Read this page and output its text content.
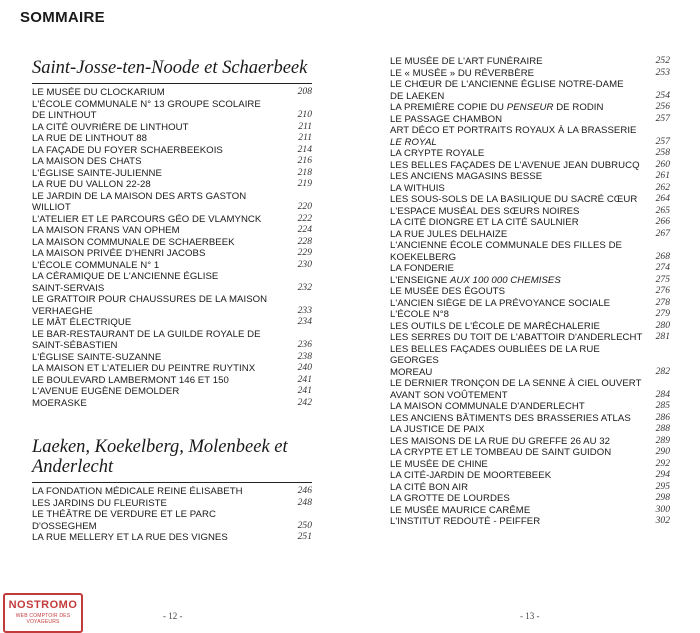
SOMMAIRE
Saint-Josse-ten-Noode et Schaerbeek
LE MUSÉE DU CLOCKARIUM	208
L'ÉCOLE COMMUNALE N° 13 GROUPE SCOLAIRE
DE LINTHOUT	210
LA CITÉ OUVRIÈRE DE LINTHOUT	211
LA RUE DE LINTHOUT 88	211
LA FAÇADE DU FOYER SCHAERBEEKOIS	214
LA MAISON DES CHATS	216
L'ÉGLISE SAINTE-JULIENNE	218
LA RUE DU VALLON 22-28	219
LE JARDIN DE LA MAISON DES ARTS GASTON
WILLIOT	220
L'ATELIER ET LE PARCOURS GÉO DE VLAMYNCK	222
LA MAISON FRANS VAN OPHEM	224
LA MAISON COMMUNALE DE SCHAERBEEK	228
LA MAISON PRIVÉE D'HENRI JACOBS	229
L'ÉCOLE COMMUNALE N° 1	230
LA CÉRAMIQUE DE L'ANCIENNE ÉGLISE
SAINT-SERVAIS	232
LE GRATTOIR POUR CHAUSSURES DE LA MAISON
VERHAEGHE	233
LE MÂT ÉLECTRIQUE	234
LE BAR-RESTAURANT DE LA GUILDE ROYALE DE
SAINT-SÉBASTIEN	236
L'ÉGLISE SAINTE-SUZANNE	238
LA MAISON ET L'ATELIER DU PEINTRE RUYTINX	240
LE BOULEVARD LAMBERMONT 146 ET 150	241
L'AVENUE EUGÈNE DEMOLDER	241
MOERASKE	242
Laeken, Koekelberg, Molenbeek et Anderlecht
LA FONDATION MÉDICALE REINE ÉLISABETH	246
LES JARDINS DU FLEURISTE	248
LE THÉÂTRE DE VERDURE ET LE PARC
D'OSSEGHEM	250
LA RUE MELLERY ET LA RUE DES VIGNES	251
LE MUSÉE DE L'ART FUNÉRAIRE	252
LE « MUSÉE » DU RÉVERBÈRE	253
LE CHŒUR DE L'ANCIENNE ÉGLISE NOTRE-DAME
DE LAEKEN	254
LA PREMIÈRE COPIE DU PENSEUR DE RODIN	256
LE PASSAGE CHAMBON	257
ART DÉCO ET PORTRAITS ROYAUX À LA BRASSERIE
LE ROYAL	257
LA CRYPTE ROYALE	258
LES BELLES FAÇADES DE L'AVENUE JEAN DUBRUCQ	260
LES ANCIENS MAGASINS BESSE	261
LA WITHUIS	262
LES SOUS-SOLS DE LA BASILIQUE DU SACRÉ CŒUR	264
L'ESPACE MUSÉAL DES SŒURS NOIRES	265
LA CITÉ DIONGRE ET LA CITÉ SAULNIER	266
LA RUE JULES DELHAIZE	267
L'ANCIENNE ÉCOLE COMMUNALE DES FILLES DE
KOEKELBERG	268
LA FONDERIE	274
L'ENSEIGNE AUX 100 000 CHEMISES	275
LE MUSÉE DES ÉGOUTS	276
L'ANCIEN SIÈGE DE LA PRÉVOYANCE SOCIALE	278
L'ÉCOLE N°8	279
LES OUTILS DE L'ÉCOLE DE MARÉCHALERIE	280
LES SERRES DU TOIT DE L'ABATTOIR D'ANDERLECHT	281
LES BELLES FAÇADES OUBLIÉES DE LA RUE GEORGES
MOREAU	282
LE DERNIER TRONÇON DE LA SENNE À CIEL OUVERT
AVANT SON VOÛTEMENT	284
LA MAISON COMMUNALE D'ANDERLECHT	285
LES ANCIENS BÂTIMENTS DES BRASSERIES ATLAS	286
LA JUSTICE DE PAIX	288
LES MAISONS DE LA RUE DU GREFFE 26 AU 32	289
LA CRYPTE ET LE TOMBEAU DE SAINT GUIDON	290
LE MUSÉE DE CHINE	292
LA CITÉ-JARDIN DE MOORTEBEEK	294
LA CITÉ BON AIR	295
LA GROTTE DE LOURDES	298
LE MUSÉE MAURICE CARÊME	300
L'INSTITUT REDOUTÉ - PEIFFER	302
- 12 -	- 13 -
NOSTROMO
WEB COMPTOIR DES VOYAGEURS
